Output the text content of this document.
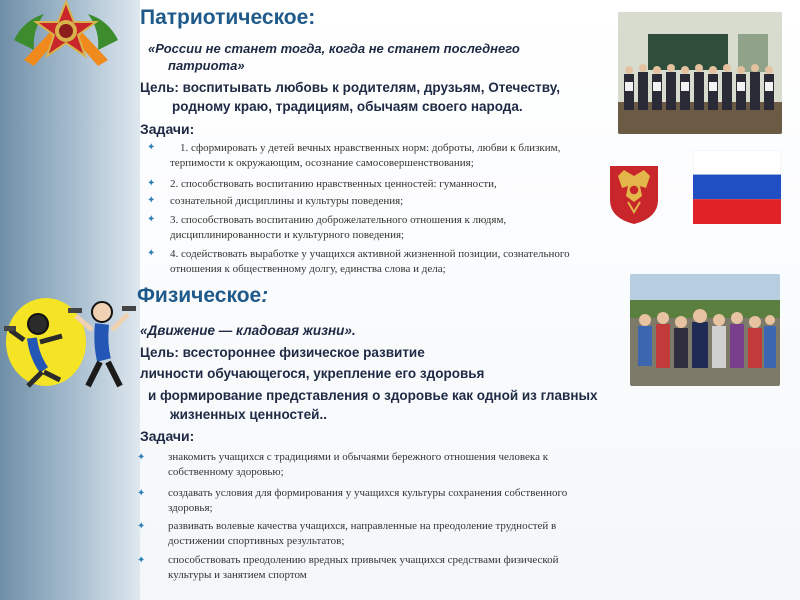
Патриотическое:
«России не станет тогда, когда не станет последнего
патриота»
Цель: воспитывать любовь к родителям, друзьям, Отечеству,
родному краю, традициям, обычаям своего народа.
Задачи:
✦	1. сформировать у детей вечных нравственных норм: доброты, любви к близким,
терпимости к окружающим, осознание самосовершенствования;
✦ 2. способствовать воспитанию нравственных ценностей: гуманности,
✦ сознательной дисциплины и культуры поведения;
✦ 3. способствовать воспитанию доброжелательного отношения к людям,
дисциплинированности и культурного поведения;
✦ 4. содействовать выработке у учащихся активной жизненной позиции, сознательного
отношения к общественному долгу, единства слова и дела;
Физическое:
«Движение — кладовая жизни».
Цель: всестороннее физическое развитие
личности обучающегося, укрепление его здоровья
и формирование представления о здоровье как одной из главных
жизненных ценностей..
Задачи:
✦ знакомить учащихся с традициями и обычаями бережного отношения человека к
собственному здоровью;
✦ создавать условия для формирования у учащихся культуры сохранения собственного
здоровья;
✦ развивать волевые качества учащихся, направленные на преодоление трудностей в
достижении спортивных результатов;
✦ способствовать преодолению вредных привычек учащихся средствами физической
культуры и занятием спортом
